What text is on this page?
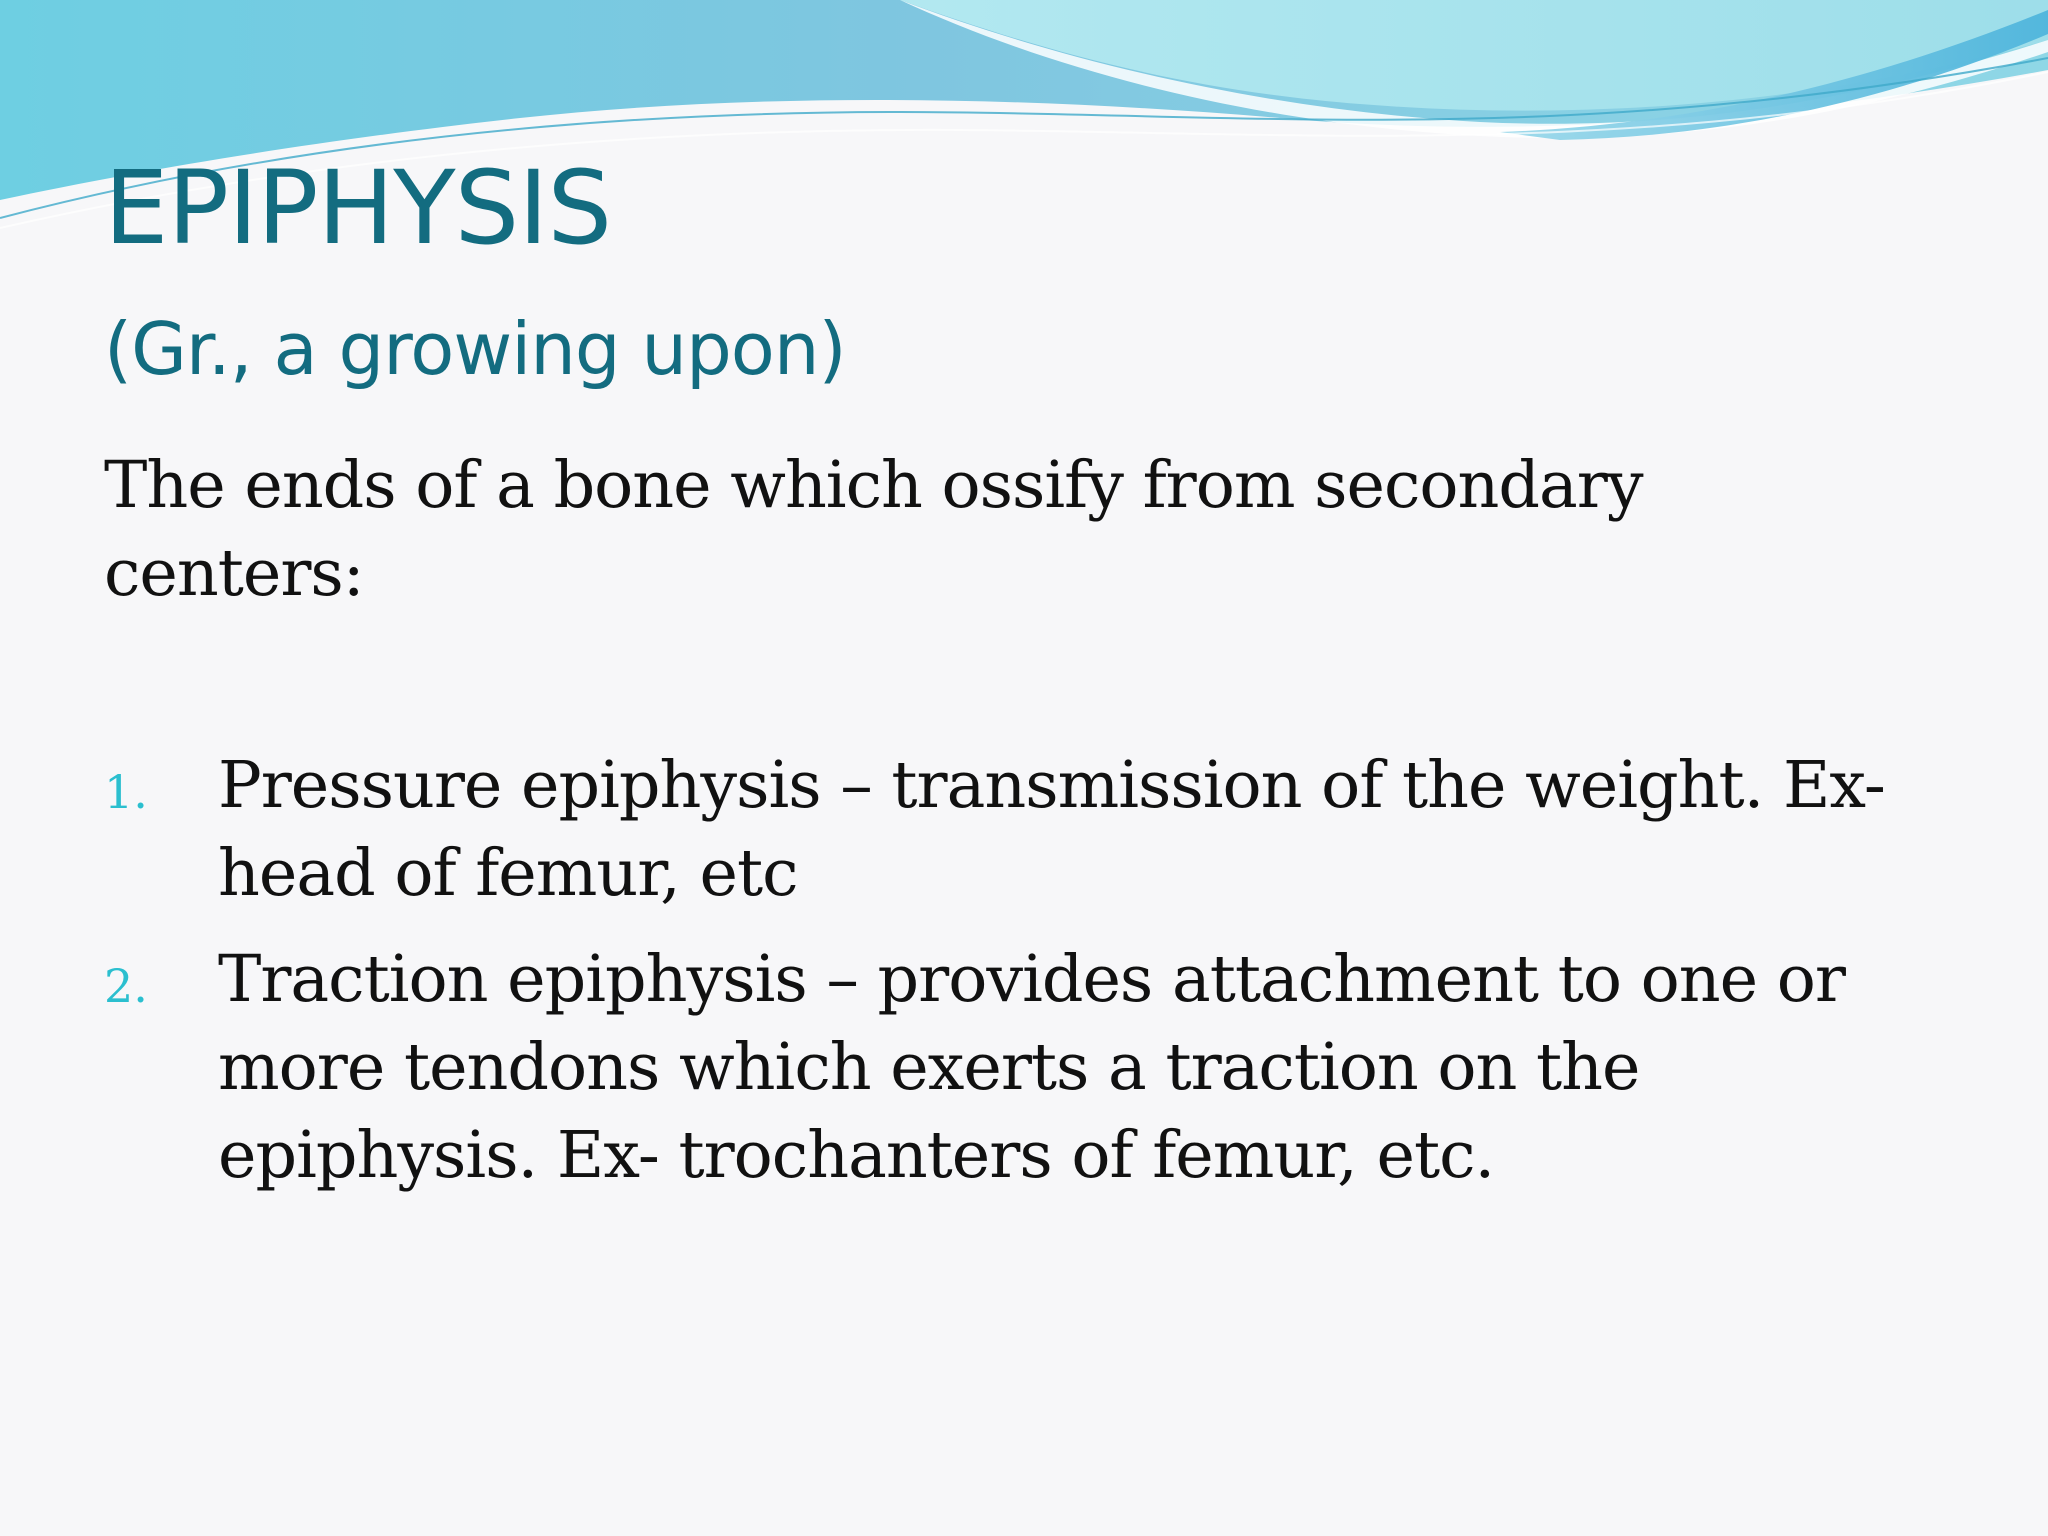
EPIPHYSIS
(Gr., a growing upon)

The ends of a bone which ossify from secondary centers:

1. Pressure epiphysis – transmission of the weight. Ex- head of femur, etc
2. Traction epiphysis – provides attachment to one or more tendons which exerts a traction on the epiphysis. Ex- trochanters of femur, etc.
